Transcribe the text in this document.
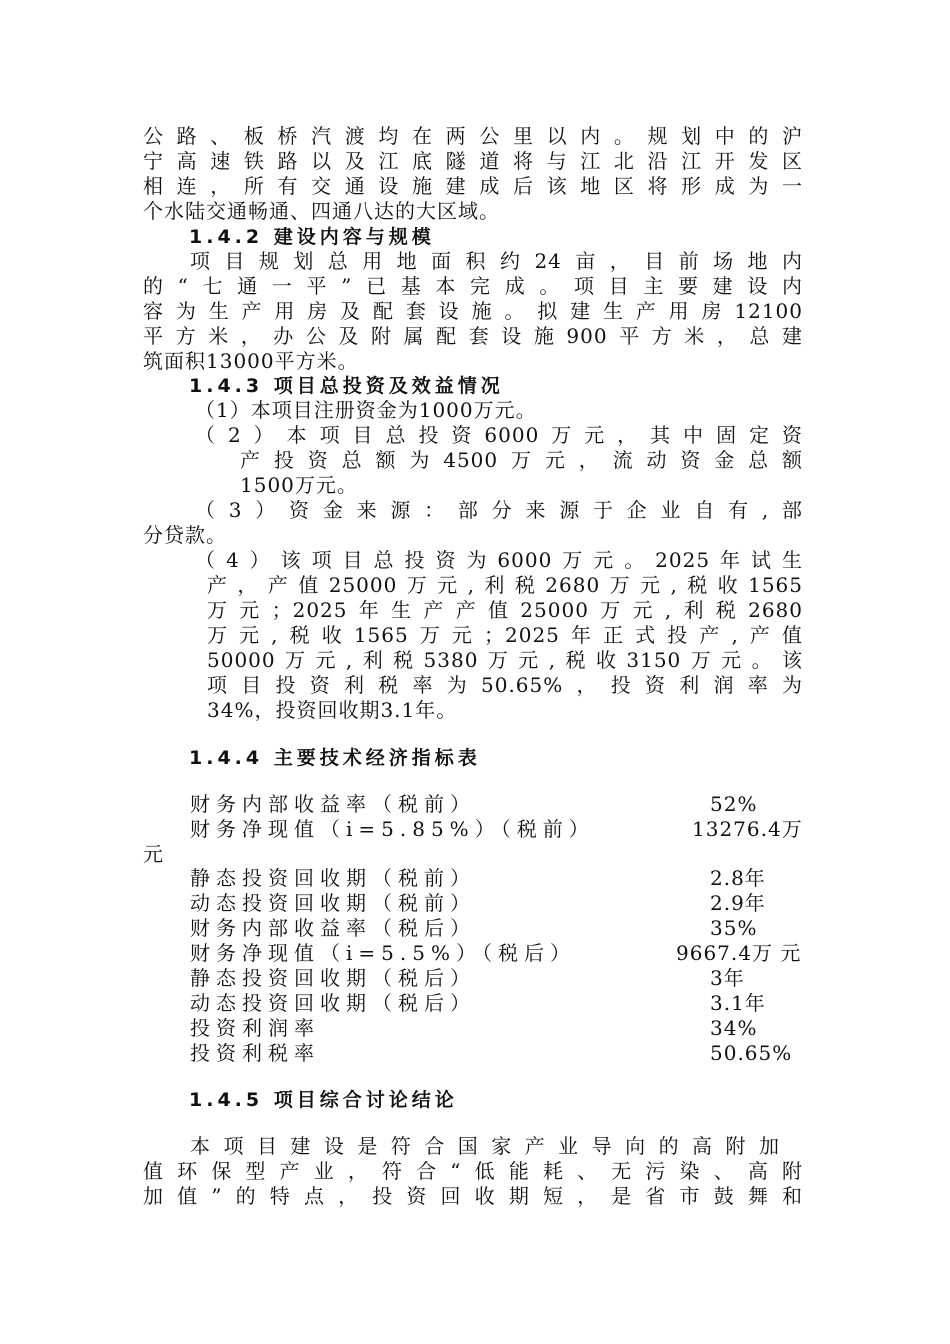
公路、板桥汽渡均在两公里以内。规划中的沪
宁高速铁路以及江底隧道将与江北沿江开发区
相连，所有交通设施建成后该地区将形成为一
个水陆交通畅通、四通八达的大区域。
1.4.2 建设内容与规模
项目规划总用地面积约24亩，目前场地内
的“七通一平”已基本完成。项目主要建设内
容为生产用房及配套设施。拟建生产用房12100
平方米，办公及附属配套设施900平方米，总建
筑面积13000平方米。
1.4.3 项目总投资及效益情况
（1）本项目注册资金为1000万元。
（2）本项目总投资6000万元，其中固定资
产投资总额为4500万元，流动资金总额
1500万元。
（3）资金来源：部分来源于企业自有,部
分贷款。
（4）该项目总投资为6000万元。2025年试生
产，产值25000万元,利税2680万元,税收1565
万元；2025年生产产值25000万元,利税2680
万元,税收1565万元；2025年正式投产,产值
50000万元,利税5380万元,税收3150万元。该
项目投资利税率为50.65%，投资利润率为
34%，投资回收期3.1年。
1.4.4 主要技术经济指标表
财务内部收益率（税前）	52%
财务净现值（i=5.85%）（税前）	13276.4万
元
静态投资回收期（税前）	2.8年
动态投资回收期（税前）	2.9年
财务内部收益率（税后）	35%
财务净现值（i=5.5%）（税后）	9667.4万 元
静态投资回收期（税后）	3年
动态投资回收期（税后）	3.1年
投资利润率	34%
投资利税率	50.65%
1.4.5 项目综合讨论结论
本项目建设是符合国家产业导向的高附加
值环保型产业，符合“低能耗、无污染、高附
加值”的特点，投资回收期短，是省市鼓舞和
